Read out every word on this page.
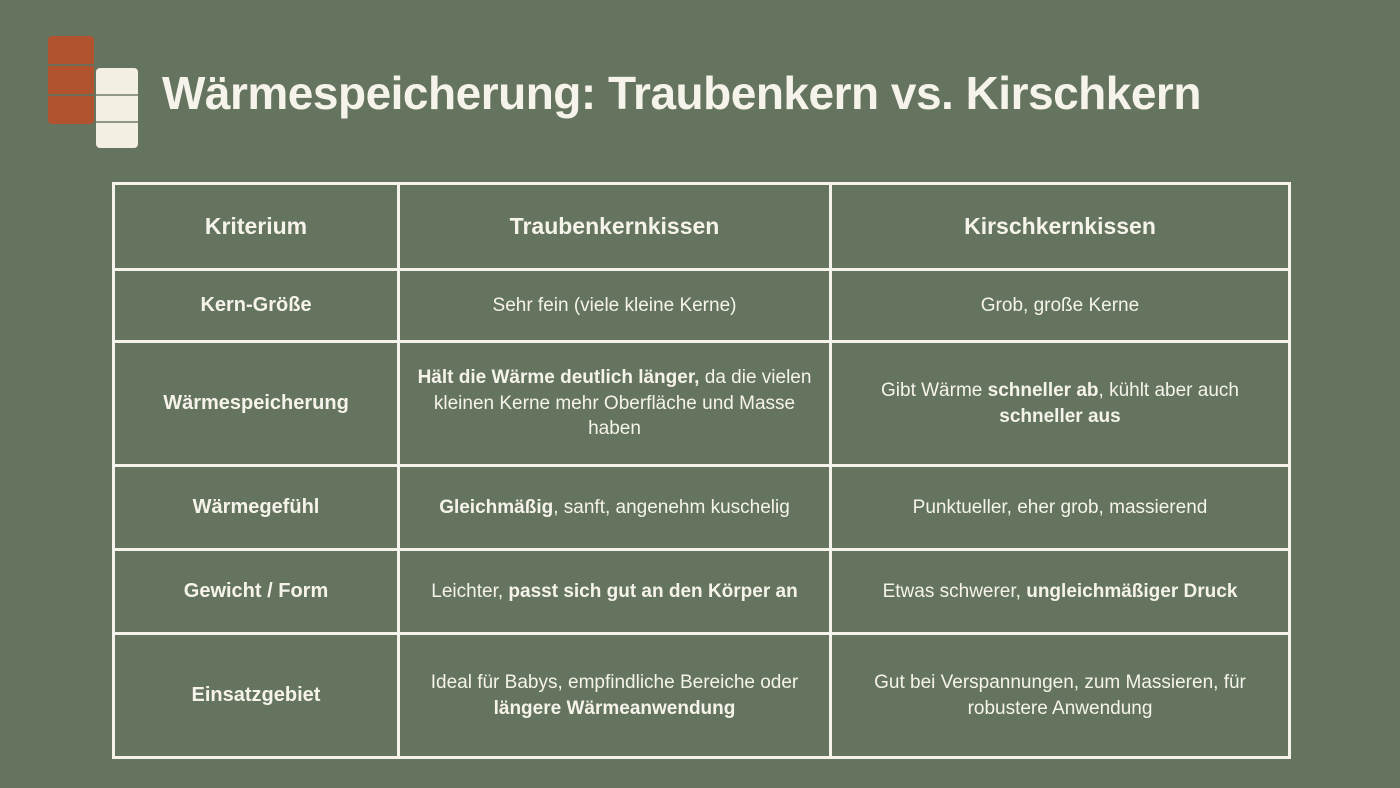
Wärmespeicherung: Traubenkern vs. Kirschkern
Kriterium	Traubenkernkissen	Kirschkernkissen
Kern-Größe	Sehr fein (viele kleine Kerne)	Grob, große Kerne
Wärmespeicherung	Hält die Wärme deutlich länger, da die vielen kleinen Kerne mehr Oberfläche und Masse haben	Gibt Wärme schneller ab, kühlt aber auch schneller aus
Wärmegefühl	Gleichmäßig, sanft, angenehm kuschelig	Punktueller, eher grob, massierend
Gewicht / Form	Leichter, passt sich gut an den Körper an	Etwas schwerer, ungleichmäßiger Druck
Einsatzgebiet	Ideal für Babys, empfindliche Bereiche oder längere Wärmeanwendung	Gut bei Verspannungen, zum Massieren, für robustere Anwendung
